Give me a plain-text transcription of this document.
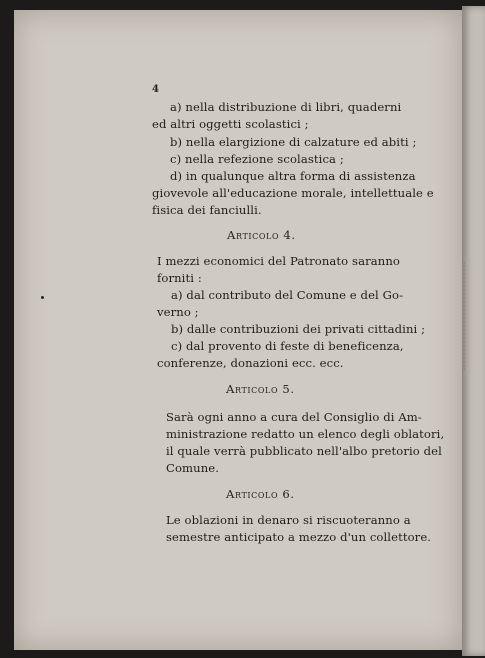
4
a) nella distribuzione di libri, quaderni
ed altri oggetti scolastici ;
b) nella elargizione di calzature ed abiti ;
c) nella refezione scolastica ;
d) in qualunque altra forma di assistenza
giovevole all'educazione morale, intellettuale e
fisica dei fanciulli.
Articolo 4.
I mezzi economici del Patronato saranno
forniti :
a) dal contributo del Comune e del Go-
verno ;
b) dalle contribuzioni dei privati cittadini ;
c) dal provento di feste di beneficenza,
conferenze, donazioni ecc. ecc.
Articolo 5.
Sarà ogni anno a cura del Consiglio di Am-
ministrazione redatto un elenco degli oblatori,
il quale verrà pubblicato nell'albo pretorio del
Comune.
Articolo 6.
Le oblazioni in denaro si riscuoteranno a
semestre anticipato a mezzo d'un collettore.
